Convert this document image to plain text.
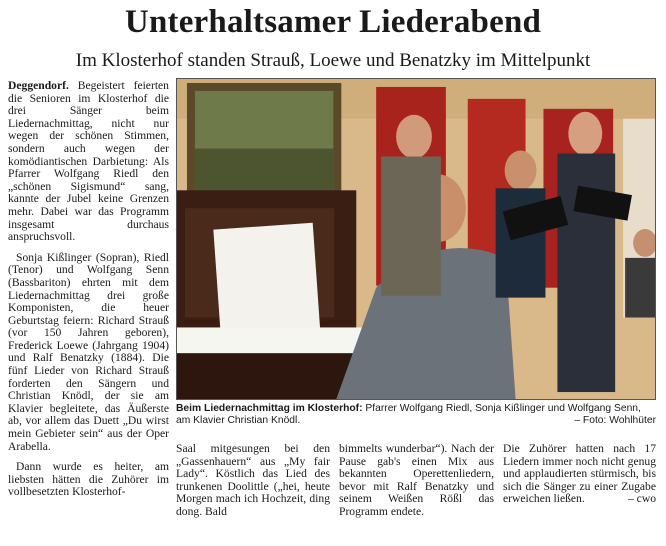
Unterhaltsamer Liederabend
Im Klosterhof standen Strauß, Loewe und Benatzky im Mittelpunkt

Deggendorf. Begeistert feierten die Senioren im Klosterhof die drei Sänger beim Liedernachmittag, nicht nur wegen der schönen Stimmen, sondern auch wegen der komödiantischen Darbietung: Als Pfarrer Wolfgang Riedl den „schönen Sigismund“ sang, kannte der Jubel keine Grenzen mehr. Dabei war das Programm insgesamt durchaus anspruchsvoll.

Sonja Kißlinger (Sopran), Riedl (Tenor) und Wolfgang Senn (Bassbariton) ehrten mit dem Liedernachmittag drei große Komponisten, die heuer Geburtstag feiern: Richard Strauß (vor 150 Jahren geboren), Frederick Loewe (Jahrgang 1904) und Ralf Benatzky (1884). Die fünf Lieder von Richard Strauß forderten den Sängern und Christian Knödl, der sie am Klavier begleitete, das Äußerste ab, vor allem das Duett „Du wirst mein Gebieter sein“ aus der Oper Arabella.

Dann wurde es heiter, am liebsten hätten die Zuhörer im vollbesetzten Klosterhof-

Beim Liedernachmittag im Klosterhof: Pfarrer Wolfgang Riedl, Sonja Kißlinger und Wolfgang Senn, am Klavier Christian Knödl.	– Foto: Wohlhüter

Saal mitgesungen bei den „Gassenhauern“ aus „My fair Lady“. Köstlich das Lied des trunkenen Doolittle („hei, heute Morgen mach ich Hochzeit, ding dong. Bald

bimmelts wunderbar“). Nach der Pause gab's einen Mix aus bekannten Operettenliedern, bevor mit Ralf Benatzky und seinem Weißen Rößl das Programm endete.

Die Zuhörer hatten nach 17 Liedern immer noch nicht genug und applaudierten stürmisch, bis sich die Sänger zu einer Zugabe erweichen ließen.	– cwo
